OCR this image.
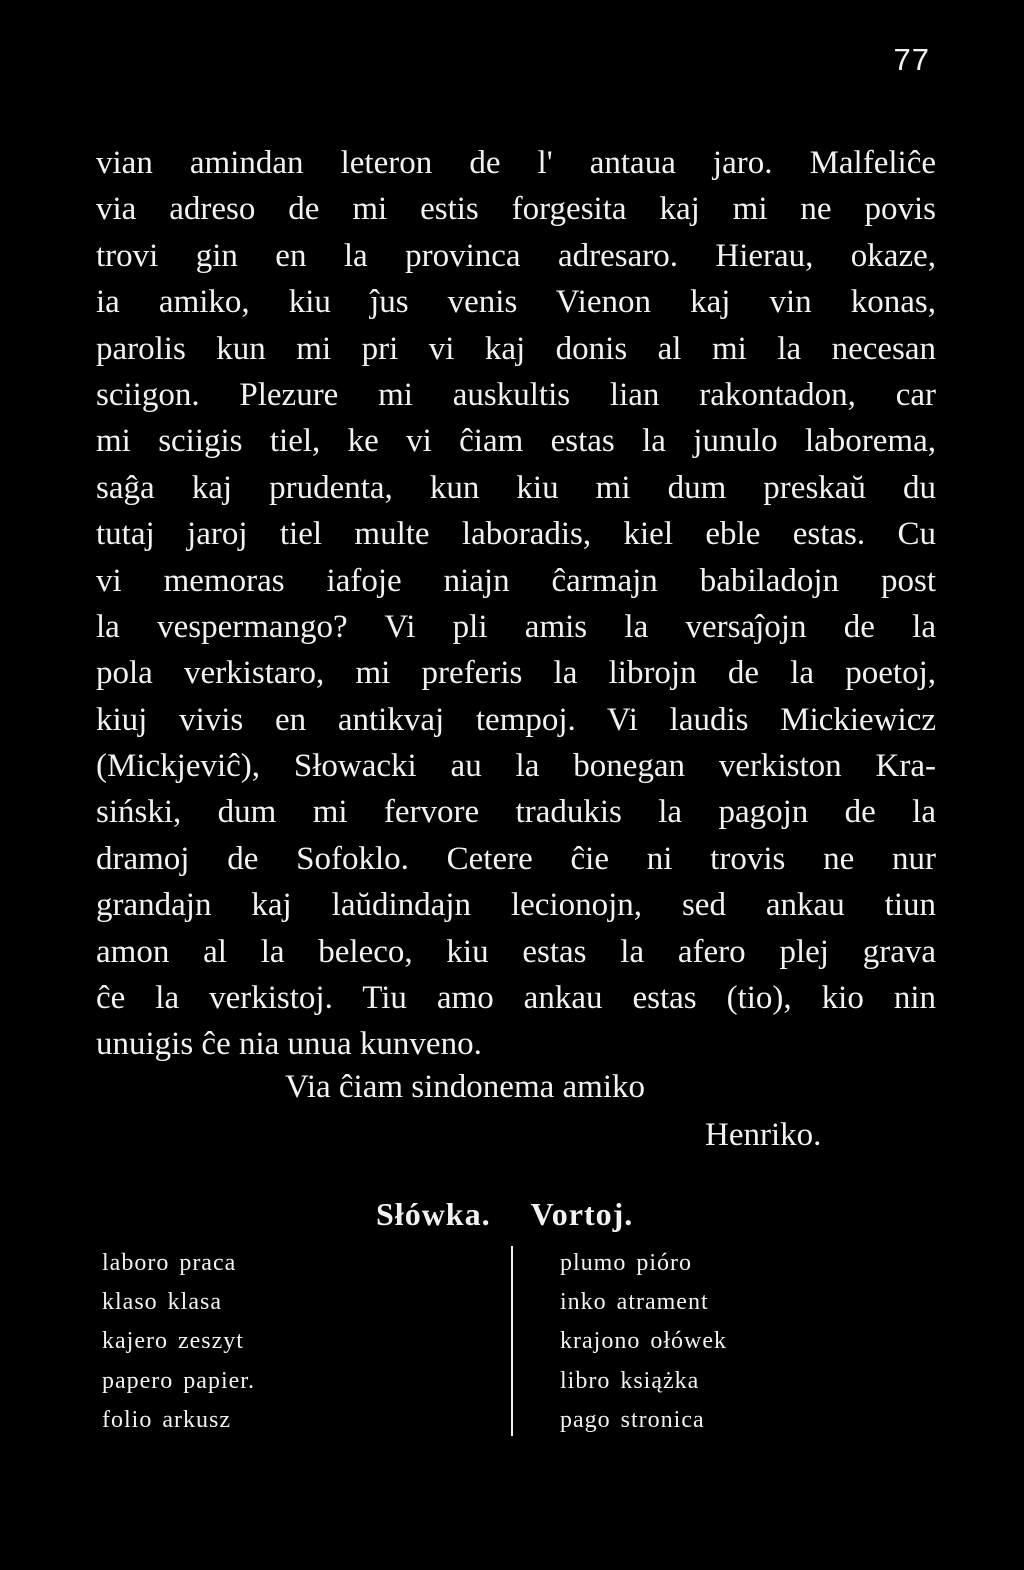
77
vian amindan leteron de l' antaua jaro. Malfeliĉe
via adreso de mi estis forgesita kaj mi ne povis
trovi gin en la provinca adresaro. Hierau, okaze,
ia amiko, kiu ĵus venis Vienon kaj vin konas,
parolis kun mi pri vi kaj donis al mi la necesan
sciigon. Plezure mi auskultis lian rakontadon, car
mi sciigis tiel, ke vi ĉiam estas la junulo laborema,
saĝa kaj prudenta, kun kiu mi dum preskaŭ du
tutaj jaroj tiel multe laboradis, kiel eble estas. Cu
vi memoras iafoje niajn ĉarmajn babiladojn post
la vespermango? Vi pli amis la versaĵojn de la
pola verkistaro, mi preferis la librojn de la poetoj,
kiuj vivis en antikvaj tempoj. Vi laudis Mickiewicz
(Mickjeviĉ), Słowacki au la bonegan verkiston Kra-
siński, dum mi fervore tradukis la pagojn de la
dramoj de Sofoklo. Cetere ĉie ni trovis ne nur
grandajn kaj laŭdindajn lecionojn, sed ankau tiun
amon al la beleco, kiu estas la afero plej grava
ĉe la verkistoj. Tiu amo ankau estas (tio), kio nin
unuigis ĉe nia unua kunveno.
Via ĉiam sindonema amiko
Henriko.
Słówka. Vortoj.
laboro praca
klaso klasa
kajero zeszyt
papero papier.
folio arkusz
plumo pióro
inko atrament
krajono ołówek
libro książka
pago stronica
